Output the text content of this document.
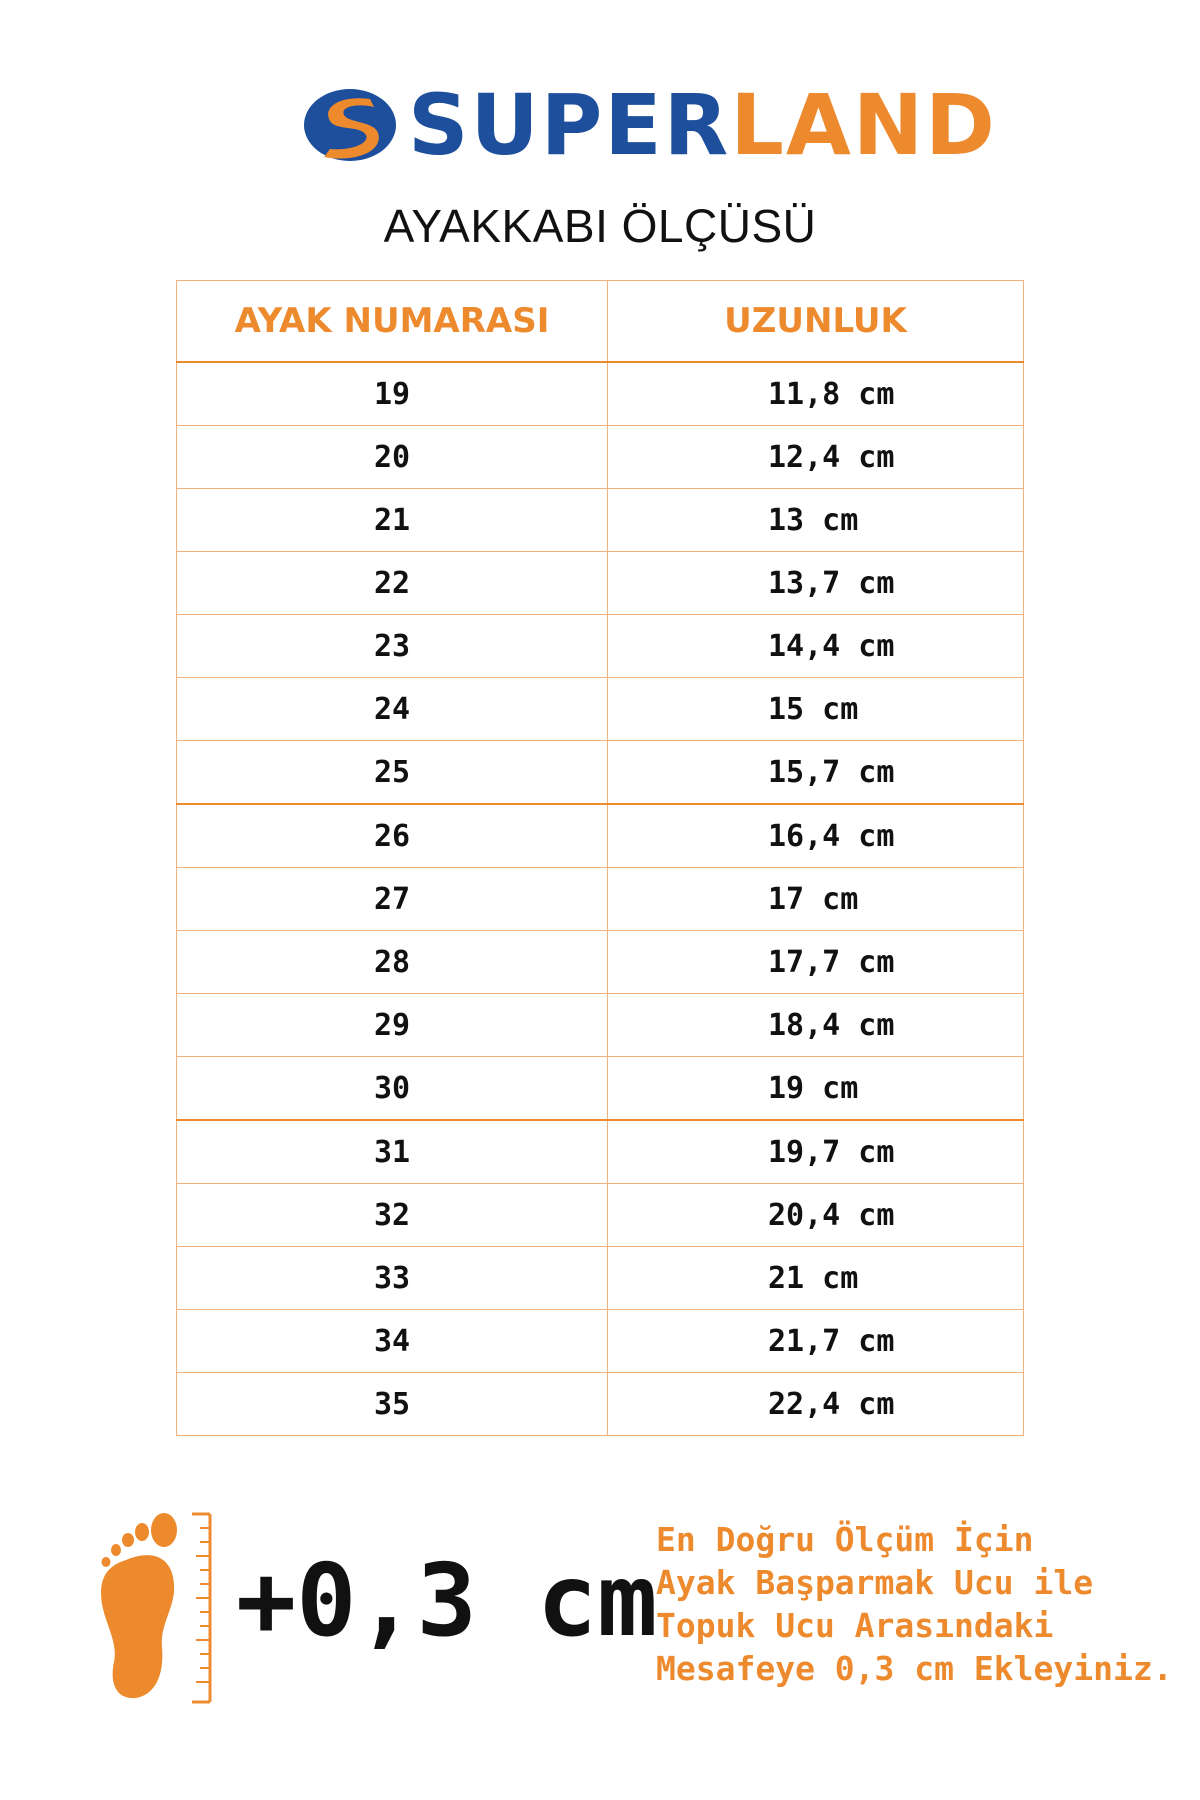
SUPERLAND
AYAKKABI ÖLÇÜSÜ
AYAK NUMARASI	UZUNLUK
19	11,8 cm
20	12,4 cm
21	13 cm
22	13,7 cm
23	14,4 cm
24	15 cm
25	15,7 cm
26	16,4 cm
27	17 cm
28	17,7 cm
29	18,4 cm
30	19 cm
31	19,7 cm
32	20,4 cm
33	21 cm
34	21,7 cm
35	22,4 cm
+0,3 cm
En Doğru Ölçüm İçin
Ayak Başparmak Ucu ile
Topuk Ucu Arasındaki
Mesafeye 0,3 cm Ekleyiniz.
